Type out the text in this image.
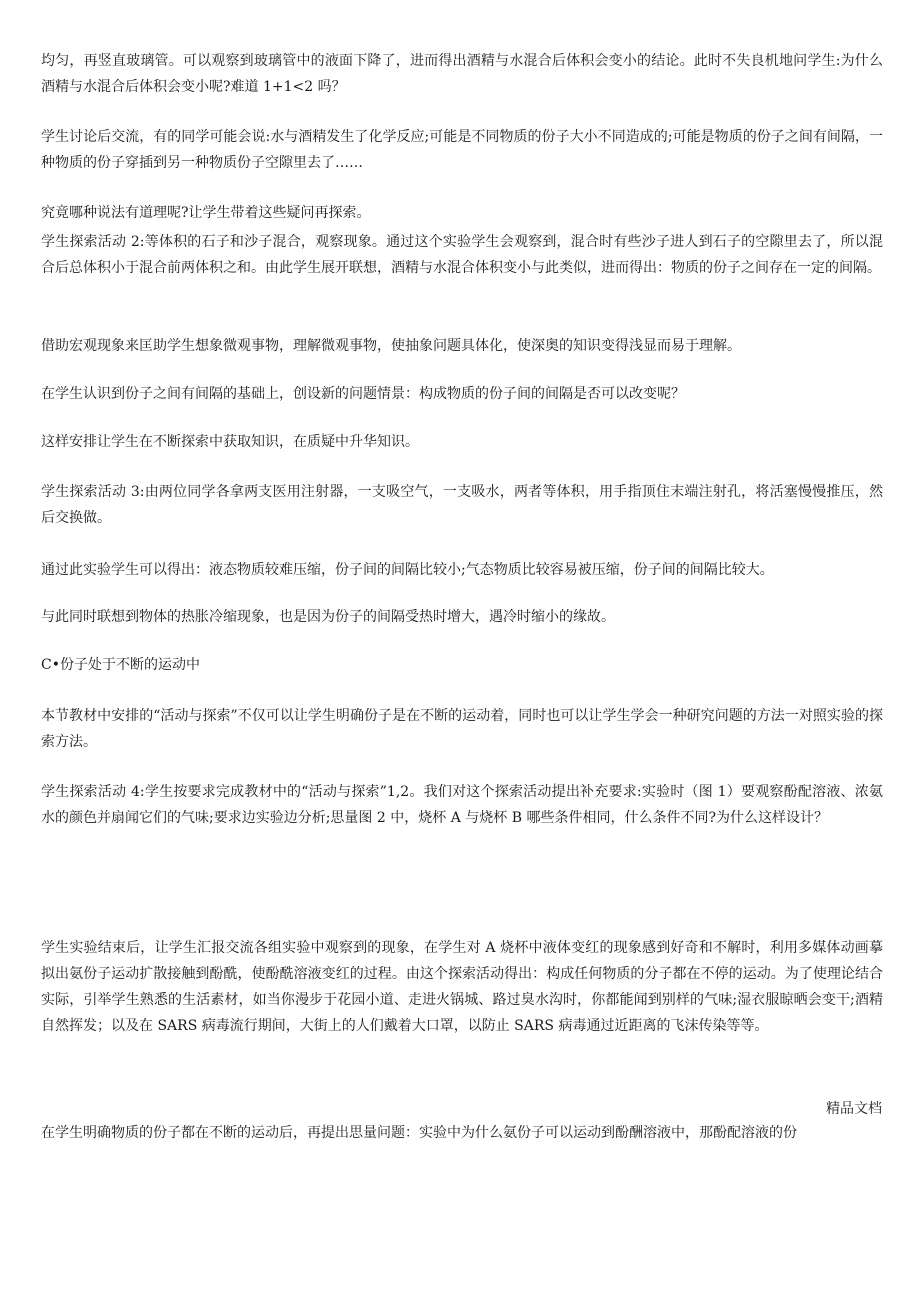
均匀，再竖直玻璃管。可以观察到玻璃管中的液面下降了，进而得出酒精与水混合后体积会变小的结论。此时不失良机地问学生:为什么酒精与水混合后体积会变小呢?难道 1+1<2 吗？

学生讨论后交流，有的同学可能会说:水与酒精发生了化学反应;可能是不同物质的份子大小不同造成的;可能是物质的份子之间有间隔，一种物质的份子穿插到另一种物质份子空隙里去了……

究竟哪种说法有道理呢?让学生带着这些疑问再探索。

学生探索活动 2:等体积的石子和沙子混合，观察现象。通过这个实验学生会观察到，混合时有些沙子进人到石子的空隙里去了，所以混合后总体积小于混合前两体积之和。由此学生展开联想，酒精与水混合体积变小与此类似，进而得出：物质的份子之间存在一定的间隔。

借助宏观现象来匡助学生想象微观事物，理解微观事物，使抽象问题具体化，使深奥的知识变得浅显而易于理解。

在学生认识到份子之间有间隔的基础上，创设新的问题情景：构成物质的份子间的间隔是否可以改变呢？

这样安排让学生在不断探索中获取知识，在质疑中升华知识。

学生探索活动 3:由两位同学各拿两支医用注射器，一支吸空气，一支吸水，两者等体积，用手指顶住末端注射孔，将活塞慢慢推压，然后交换做。

通过此实验学生可以得出：液态物质较难压缩，份子间的间隔比较小;气态物质比较容易被压缩，份子间的间隔比较大。

与此同时联想到物体的热胀冷缩现象，也是因为份子的间隔受热时增大，遇冷时缩小的缘故。

C•份子处于不断的运动中

本节教材中安排的“活动与探索”不仅可以让学生明确份子是在不断的运动着，同时也可以让学生学会一种研究问题的方法一对照实验的探索方法。

学生探索活动 4:学生按要求完成教材中的“活动与探索”1,2。我们对这个探索活动提出补充要求:实验时（图 1）要观察酚配溶液、浓氨水的颜色并扇闻它们的气味;要求边实验边分析;思量图 2 中，烧杯 A 与烧杯 B 哪些条件相同，什么条件不同?为什么这样设计？

学生实验结束后，让学生汇报交流各组实验中观察到的现象，在学生对 A 烧杯中液体变红的现象感到好奇和不解时，利用多媒体动画摹拟出氨份子运动扩散接触到酚酰，使酚酰溶液变红的过程。由这个探索活动得出：构成任何物质的分子都在不停的运动。为了使理论结合实际，引举学生熟悉的生活素材，如当你漫步于花园小道、走进火锅城、路过臭水沟时，你都能闻到别样的气味;湿衣服晾晒会变干;酒精自然挥发；以及在 SARS 病毒流行期间，大街上的人们戴着大口罩，以防止 SARS 病毒通过近距离的飞沫传染等等。

精品文档

在学生明确物质的份子都在不断的运动后，再提出思量问题：实验中为什么氨份子可以运动到酚酬溶液中，那酚配溶液的份
